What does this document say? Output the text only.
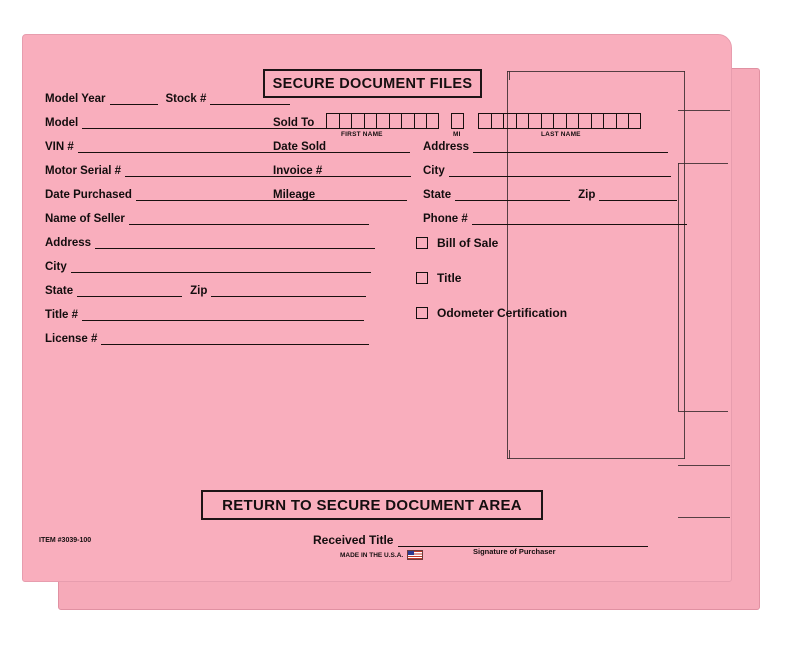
SECURE DOCUMENT FILES
Model Year	Stock #
Model
VIN #
Motor Serial #
Date Purchased
Name of Seller
Address
City
State	Zip
Title #
License #
Sold To
FIRST NAME	MI	LAST NAME
Date Sold
Invoice #
Mileage
Address
City
State	Zip
Phone #
Bill of Sale
Title
Odometer Certification
RETURN TO SECURE DOCUMENT AREA
ITEM #3039-100	Received Title
Signature of Purchaser
MADE IN THE U.S.A.
